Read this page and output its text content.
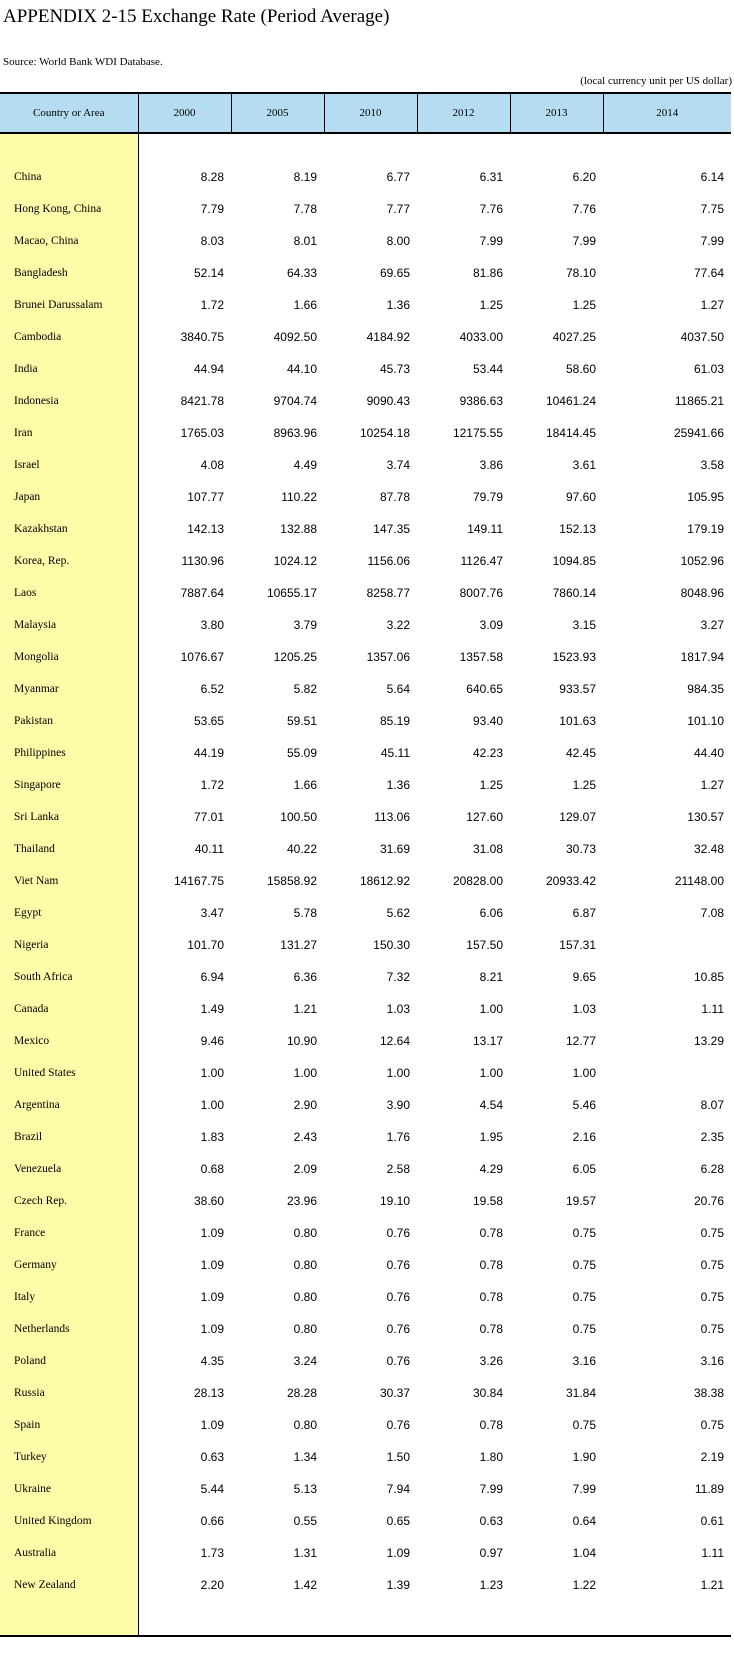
APPENDIX 2-15 Exchange Rate (Period Average)
Source: World Bank WDI Database.
(local currency unit per US dollar)
Country or Area	2000	2005	2010	2012	2013	2014

China	8.28	8.19	6.77	6.31	6.20	6.14
Hong Kong, China	7.79	7.78	7.77	7.76	7.76	7.75
Macao, China	8.03	8.01	8.00	7.99	7.99	7.99
Bangladesh	52.14	64.33	69.65	81.86	78.10	77.64
Brunei Darussalam	1.72	1.66	1.36	1.25	1.25	1.27
Cambodia	3840.75	4092.50	4184.92	4033.00	4027.25	4037.50
India	44.94	44.10	45.73	53.44	58.60	61.03
Indonesia	8421.78	9704.74	9090.43	9386.63	10461.24	11865.21
Iran	1765.03	8963.96	10254.18	12175.55	18414.45	25941.66
Israel	4.08	4.49	3.74	3.86	3.61	3.58
Japan	107.77	110.22	87.78	79.79	97.60	105.95
Kazakhstan	142.13	132.88	147.35	149.11	152.13	179.19
Korea, Rep.	1130.96	1024.12	1156.06	1126.47	1094.85	1052.96
Laos	7887.64	10655.17	8258.77	8007.76	7860.14	8048.96
Malaysia	3.80	3.79	3.22	3.09	3.15	3.27
Mongolia	1076.67	1205.25	1357.06	1357.58	1523.93	1817.94
Myanmar	6.52	5.82	5.64	640.65	933.57	984.35
Pakistan	53.65	59.51	85.19	93.40	101.63	101.10
Philippines	44.19	55.09	45.11	42.23	42.45	44.40
Singapore	1.72	1.66	1.36	1.25	1.25	1.27
Sri Lanka	77.01	100.50	113.06	127.60	129.07	130.57
Thailand	40.11	40.22	31.69	31.08	30.73	32.48
Viet Nam	14167.75	15858.92	18612.92	20828.00	20933.42	21148.00
Egypt	3.47	5.78	5.62	6.06	6.87	7.08
Nigeria	101.70	131.27	150.30	157.50	157.31	
South Africa	6.94	6.36	7.32	8.21	9.65	10.85
Canada	1.49	1.21	1.03	1.00	1.03	1.11
Mexico	9.46	10.90	12.64	13.17	12.77	13.29
United States	1.00	1.00	1.00	1.00	1.00	
Argentina	1.00	2.90	3.90	4.54	5.46	8.07
Brazil	1.83	2.43	1.76	1.95	2.16	2.35
Venezuela	0.68	2.09	2.58	4.29	6.05	6.28
Czech Rep.	38.60	23.96	19.10	19.58	19.57	20.76
France	1.09	0.80	0.76	0.78	0.75	0.75
Germany	1.09	0.80	0.76	0.78	0.75	0.75
Italy	1.09	0.80	0.76	0.78	0.75	0.75
Netherlands	1.09	0.80	0.76	0.78	0.75	0.75
Poland	4.35	3.24	0.76	3.26	3.16	3.16
Russia	28.13	28.28	30.37	30.84	31.84	38.38
Spain	1.09	0.80	0.76	0.78	0.75	0.75
Turkey	0.63	1.34	1.50	1.80	1.90	2.19
Ukraine	5.44	5.13	7.94	7.99	7.99	11.89
United Kingdom	0.66	0.55	0.65	0.63	0.64	0.61
Australia	1.73	1.31	1.09	0.97	1.04	1.11
New Zealand	2.20	1.42	1.39	1.23	1.22	1.21
